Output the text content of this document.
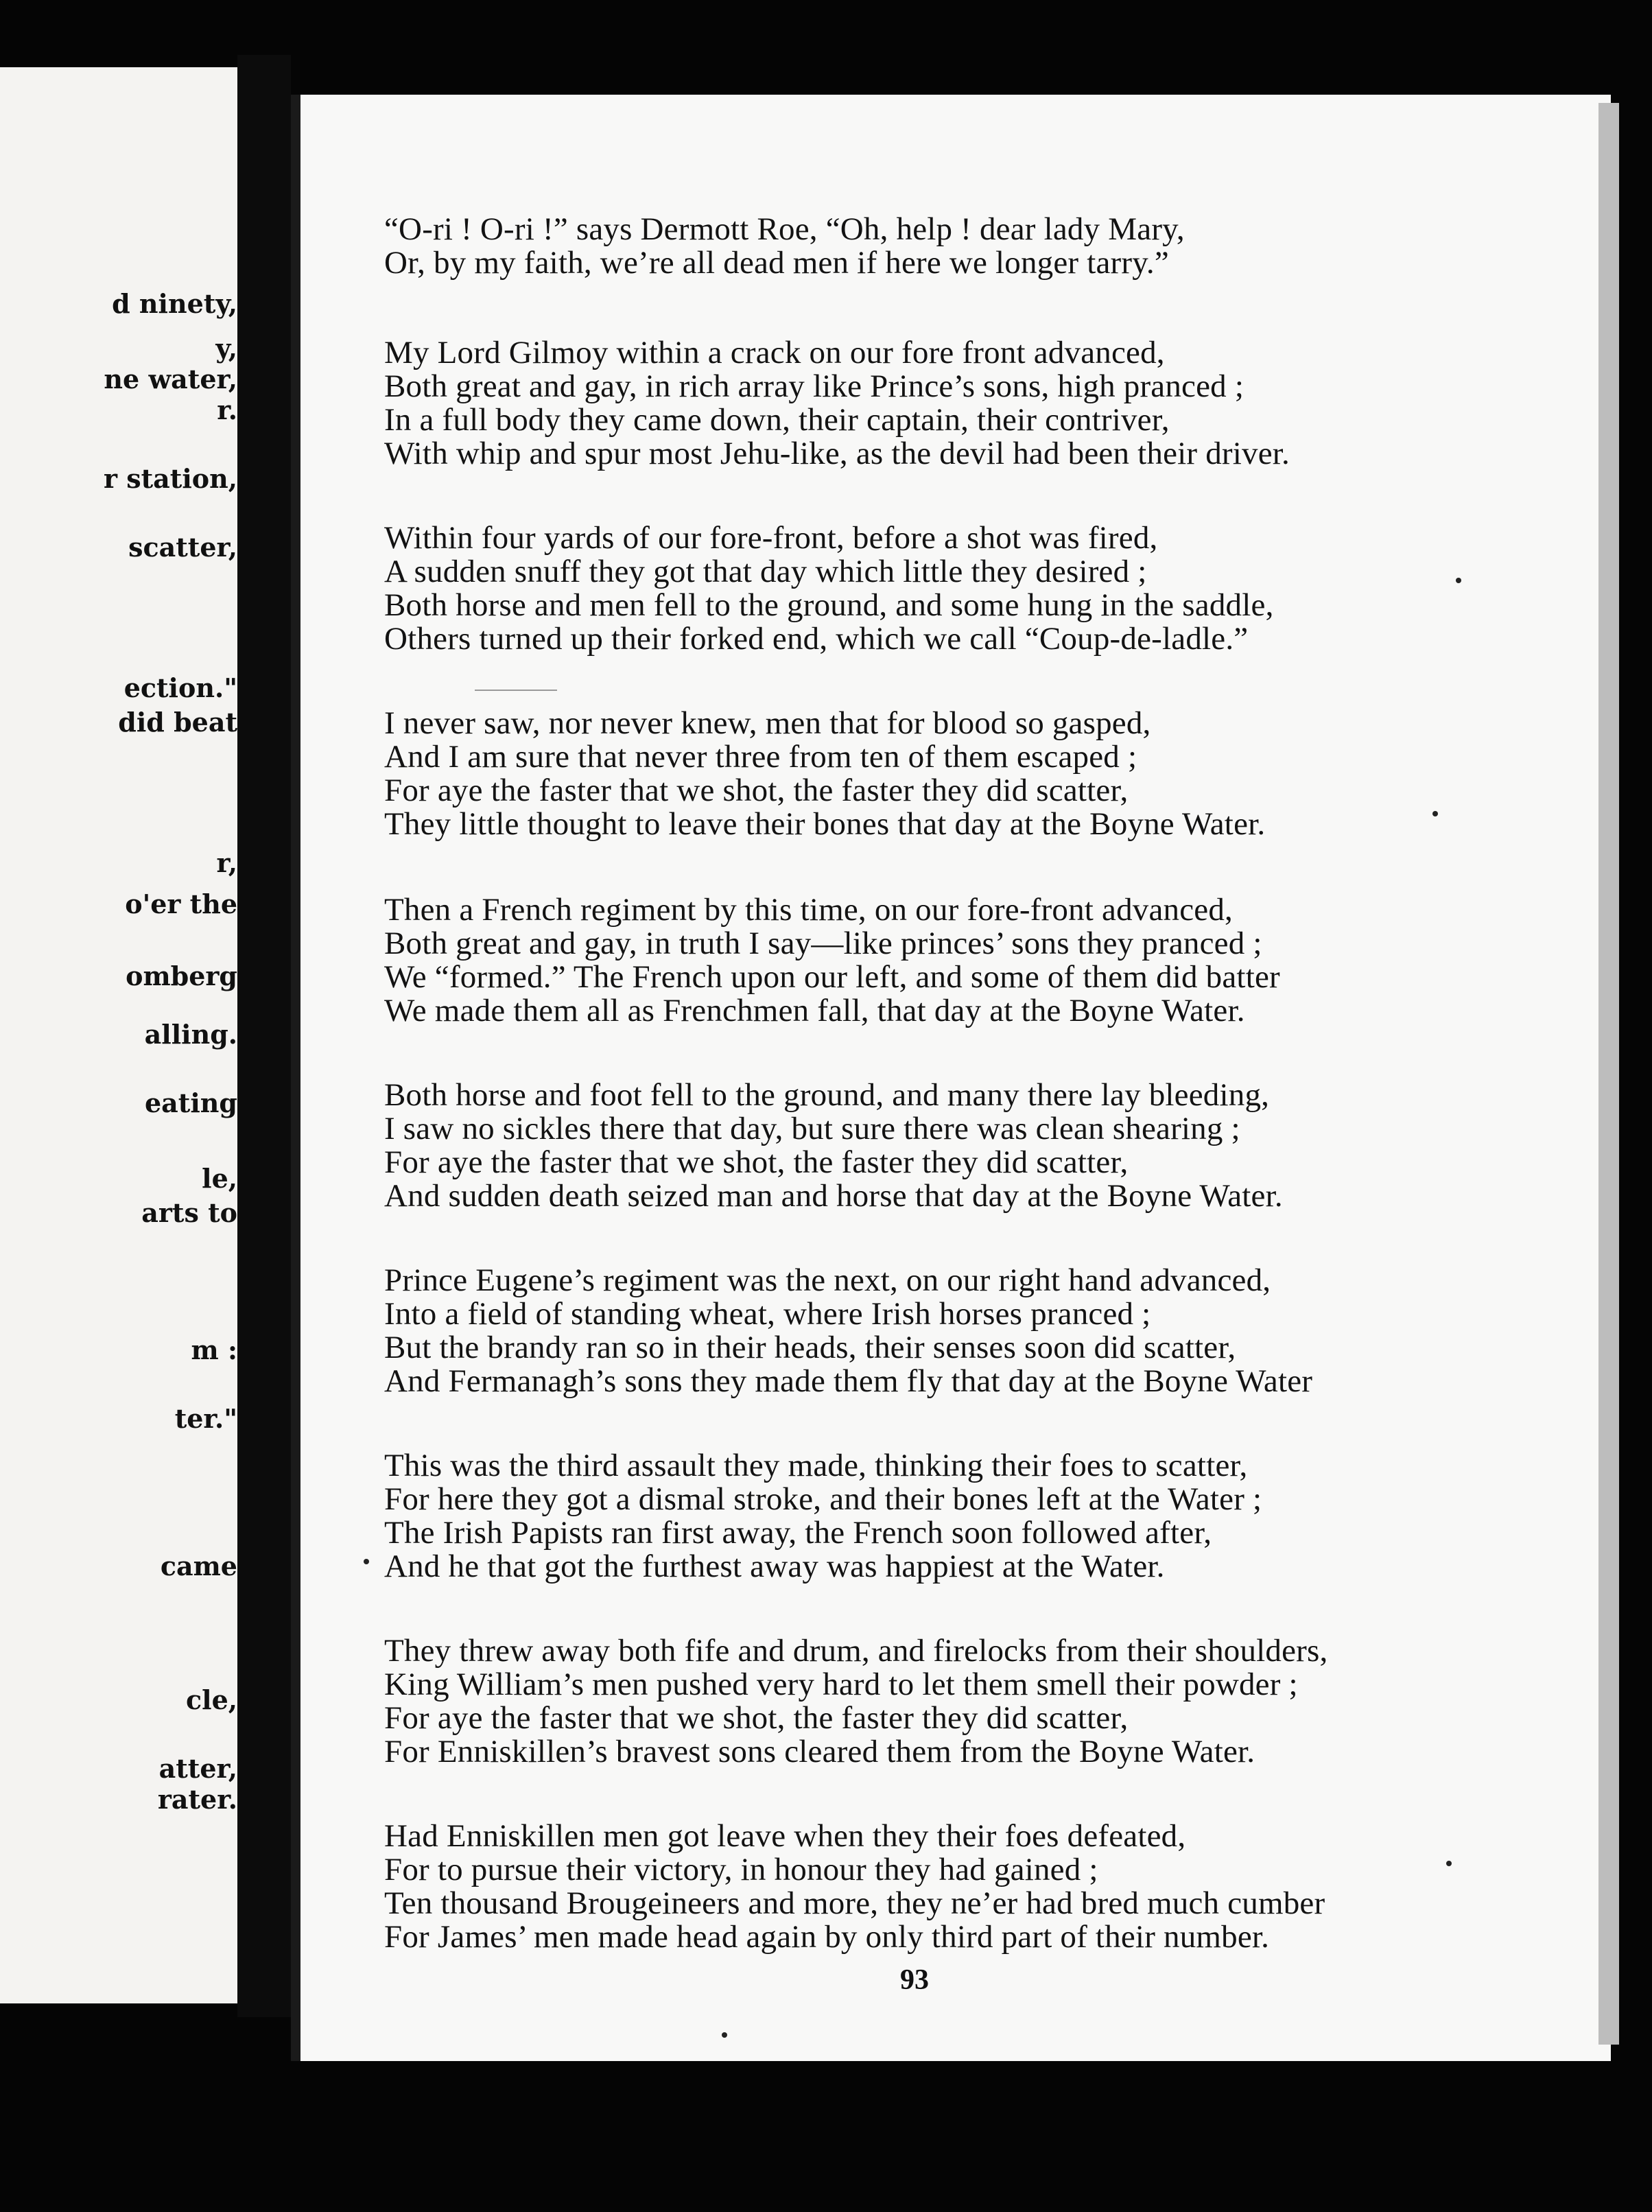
d ninety,
y,
ne water,
r.
r station,
scatter,
ection."
did beat
r,
o'er the
omberg
alling.
eating
le,
arts to
m :
ter."
came
cle,
atter,
rater.
“O-ri ! O-ri !” says Dermott Roe, “Oh, help ! dear lady Mary,
Or, by my faith, we’re all dead men if here we longer tarry.”
My Lord Gilmoy within a crack on our fore front advanced,
Both great and gay, in rich array like Prince’s sons, high pranced ;
In a full body they came down, their captain, their contriver,
With whip and spur most Jehu-like, as the devil had been their driver.
Within four yards of our fore-front, before a shot was fired,
A sudden snuff they got that day which little they desired ;
Both horse and men fell to the ground, and some hung in the saddle,
Others turned up their forked end, which we call “Coup-de-ladle.”
I never saw, nor never knew, men that for blood so gasped,
And I am sure that never three from ten of them escaped ;
For aye the faster that we shot, the faster they did scatter,
They little thought to leave their bones that day at the Boyne Water.
Then a French regiment by this time, on our fore-front advanced,
Both great and gay, in truth I say—like princes’ sons they pranced ;
We “formed.” The French upon our left, and some of them did batter
We made them all as Frenchmen fall, that day at the Boyne Water.
Both horse and foot fell to the ground, and many there lay bleeding,
I saw no sickles there that day, but sure there was clean shearing ;
For aye the faster that we shot, the faster they did scatter,
And sudden death seized man and horse that day at the Boyne Water.
Prince Eugene’s regiment was the next, on our right hand advanced,
Into a field of standing wheat, where Irish horses pranced ;
But the brandy ran so in their heads, their senses soon did scatter,
And Fermanagh’s sons they made them fly that day at the Boyne Water
This was the third assault they made, thinking their foes to scatter,
For here they got a dismal stroke, and their bones left at the Water ;
The Irish Papists ran first away, the French soon followed after,
And he that got the furthest away was happiest at the Water.
They threw away both fife and drum, and firelocks from their shoulders,
King William’s men pushed very hard to let them smell their powder ;
For aye the faster that we shot, the faster they did scatter,
For Enniskillen’s bravest sons cleared them from the Boyne Water.
Had Enniskillen men got leave when they their foes defeated,
For to pursue their victory, in honour they had gained ;
Ten thousand Brougeineers and more, they ne’er had bred much cumber
For James’ men made head again by only third part of their number.
93
